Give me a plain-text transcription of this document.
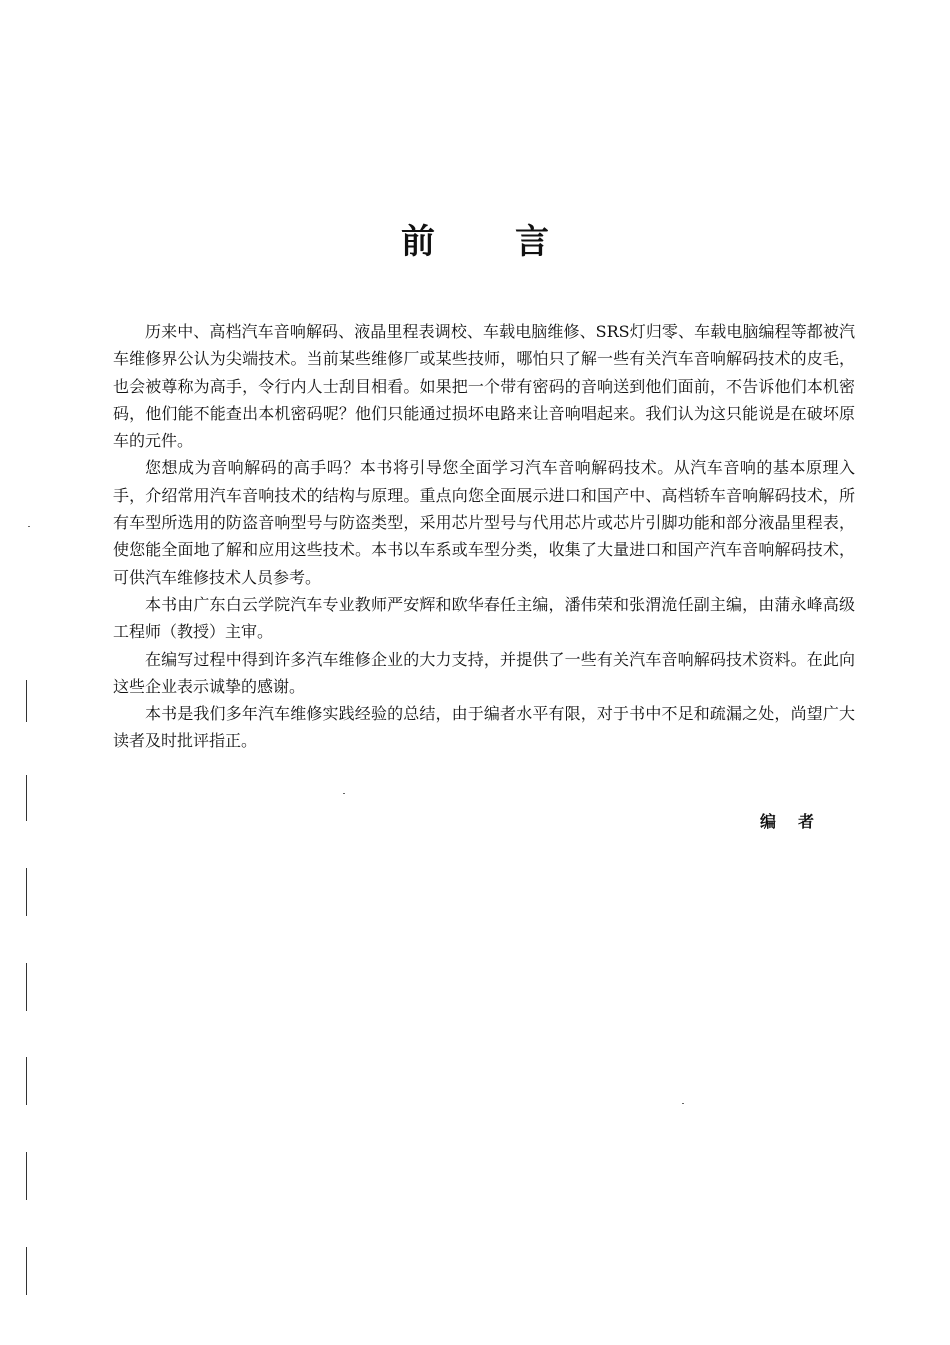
前 言

历来中、高档汽车音响解码、液晶里程表调校、车载电脑维修、SRS灯归零、车载电脑编程等都被汽车维修界公认为尖端技术。当前某些维修厂或某些技师，哪怕只了解一些有关汽车音响解码技术的皮毛，也会被尊称为高手，令行内人士刮目相看。如果把一个带有密码的音响送到他们面前，不告诉他们本机密码，他们能不能查出本机密码呢？他们只能通过损坏电路来让音响唱起来。我们认为这只能说是在破坏原车的元件。

您想成为音响解码的高手吗？本书将引导您全面学习汽车音响解码技术。从汽车音响的基本原理入手，介绍常用汽车音响技术的结构与原理。重点向您全面展示进口和国产中、高档轿车音响解码技术，所有车型所选用的防盗音响型号与防盗类型，采用芯片型号与代用芯片或芯片引脚功能和部分液晶里程表，使您能全面地了解和应用这些技术。本书以车系或车型分类，收集了大量进口和国产汽车音响解码技术，可供汽车维修技术人员参考。

本书由广东白云学院汽车专业教师严安辉和欧华春任主编，潘伟荣和张渭洈任副主编，由蒲永峰高级工程师（教授）主审。

在编写过程中得到许多汽车维修企业的大力支持，并提供了一些有关汽车音响解码技术资料。在此向这些企业表示诚挚的感谢。

本书是我们多年汽车维修实践经验的总结，由于编者水平有限，对于书中不足和疏漏之处，尚望广大读者及时批评指正。

编 者
